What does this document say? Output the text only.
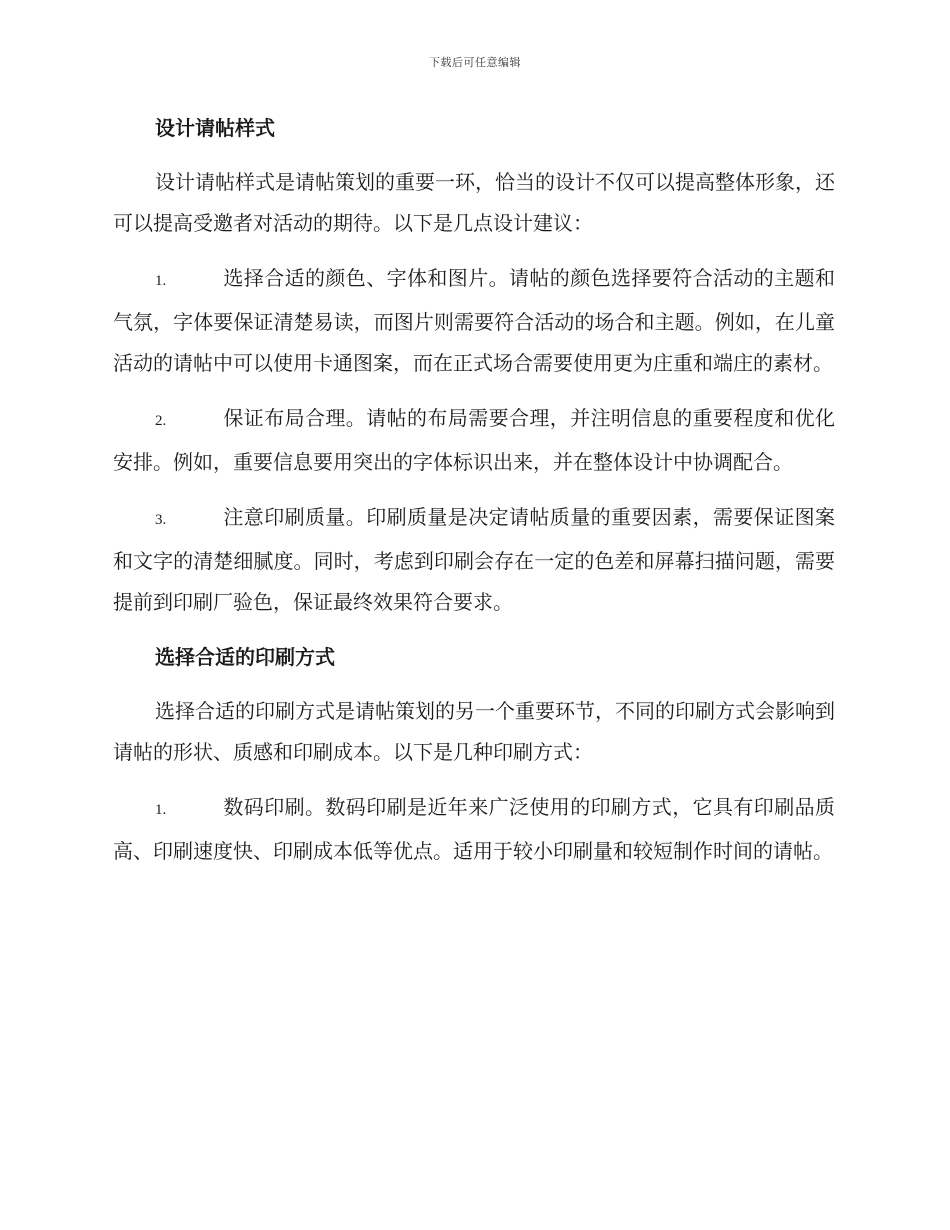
下载后可任意编辑
设计请帖样式

设计请帖样式是请帖策划的重要一环，恰当的设计不仅可以提高整体形象，还可以提高受邀者对活动的期待。以下是几点设计建议：

1.	选择合适的颜色、字体和图片。请帖的颜色选择要符合活动的主题和气氛，字体要保证清楚易读，而图片则需要符合活动的场合和主题。例如，在儿童活动的请帖中可以使用卡通图案，而在正式场合需要使用更为庄重和端庄的素材。

2.	保证布局合理。请帖的布局需要合理，并注明信息的重要程度和优化安排。例如，重要信息要用突出的字体标识出来，并在整体设计中协调配合。

3.	注意印刷质量。印刷质量是决定请帖质量的重要因素，需要保证图案和文字的清楚细腻度。同时，考虑到印刷会存在一定的色差和屏幕扫描问题，需要提前到印刷厂验色，保证最终效果符合要求。

选择合适的印刷方式

选择合适的印刷方式是请帖策划的另一个重要环节，不同的印刷方式会影响到请帖的形状、质感和印刷成本。以下是几种印刷方式：

1.	数码印刷。数码印刷是近年来广泛使用的印刷方式，它具有印刷品质高、印刷速度快、印刷成本低等优点。适用于较小印刷量和较短制作时间的请帖。
